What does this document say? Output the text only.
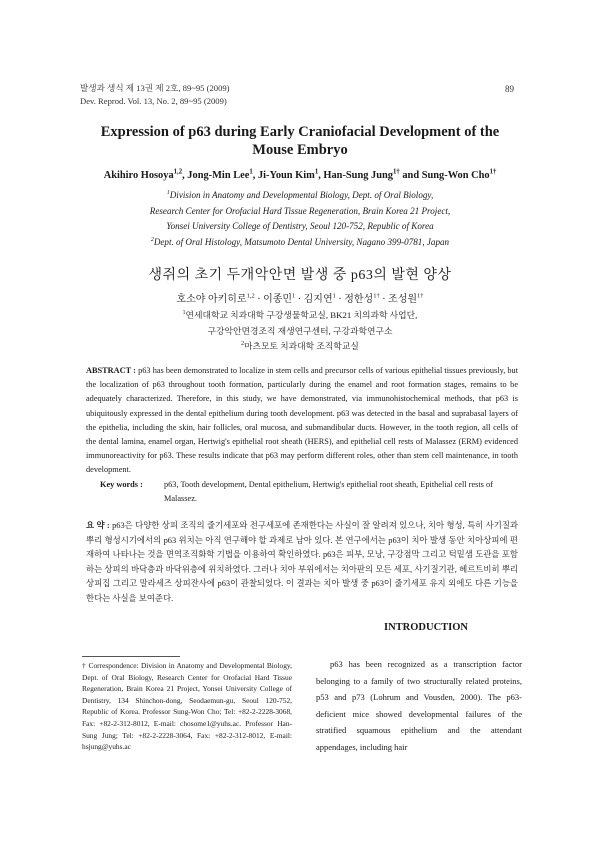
발생과 생식 제 13권 제 2호, 89~95 (2009)
Dev. Reprod. Vol. 13, No. 2, 89~95 (2009)
89
Expression of p63 during Early Craniofacial Development of the
Mouse Embryo
Akihiro Hosoya$^{1,2}$, Jong-Min Lee$^1$, Ji-Youn Kim$^1$, Han-Sung Jung$^{1\dagger}$ and Sung-Won Cho$^{1\dagger}$
$^1$Division in Anatomy and Developmental Biology, Dept. of Oral Biology,
Research Center for Orofacial Hard Tissue Regeneration, Brain Korea 21 Project,
Yonsei University College of Dentistry, Seoul 120-752, Republic of Korea
$^2$Dept. of Oral Histology, Matsumoto Dental University, Nagano 399-0781, Japan
생쥐의 초기 두개악안면 발생 중 p63의 발현 양상
호소야 아키히로$^{1,2}$ · 이종민$^1$ · 김지연$^1$ · 정한성$^{1\dagger}$ · 조성원$^{1\dagger}$
$^1$연세대학교 치과대학 구강생물학교실, BK21 치의과학 사업단,
구강악안면경조직 재생연구센터, 구강과학연구소
$^2$마츠모토 치과대학 조직학교실
ABSTRACT : p63 has been demonstrated to localize in stem cells and precursor cells of various epithelial tissues previously, but the localization of p63 throughout tooth formation, particularly during the enamel and root formation stages, remains to be adequately characterized. Therefore, in this study, we have demonstrated, via immunohistochemical methods, that p63 is ubiquitously expressed in the dental epithelium during tooth development. p63 was detected in the basal and suprabasal layers of the epithelia, including the skin, hair follicles, oral mucosa, and submandibular ducts. However, in the tooth region, all cells of the dental lamina, enamel organ, Hertwig's epithelial root sheath (HERS), and epithelial cell rests of Malassez (ERM) evidenced immunoreactivity for p63. These results indicate that p63 may perform different roles, other than stem cell maintenance, in tooth development.
Key words :	p63, Tooth development, Dental epithelium, Hertwig's epithelial root sheath, Epithelial cell rests of Malassez.
요 약 : p63은 다양한 상피 조직의 줄기세포와 전구세포에 존재한다는 사실이 잘 알려져 있으나, 치아 형성, 특히 사기질과 뿌리 형성시기에서의 p63 위치는 아직 연구해야 할 과제로 남아 있다. 본 연구에서는 p63이 치아 발생 동안 치아상피에 편재하여 나타나는 것을 면역조직화학 기법을 이용하여 확인하였다. p63은 피부, 모낭, 구강점막 그리고 턱밑샘 도관을 포함하는 상피의 바닥층과 바닥위층에 위치하였다. 그러나 치아 부위에서는 치아판의 모든 세포, 사기질기관, 헤르트비히 뿌리상피집 그리고 말라세즈 상피잔사에 p63이 관찰되었다. 이 결과는 치아 발생 중 p63이 줄기세포 유지 외에도 다른 기능을 한다는 사실을 보여준다.
INTRODUCTION
p63 has been recognized as a transcription factor belonging to a family of two structurally related proteins, p53 and p73 (Lohrum and Vousden, 2000). The p63-deficient mice showed developmental failures of the stratified squamous epithelium and the attendant appendages, including hair
† Correspondence: Division in Anatomy and Developmental Biology, Dept. of Oral Biology, Research Center for Orofacial Hard Tissue Regeneration, Brain Korea 21 Project, Yonsei University College of Dentistry, 134 Shinchon-dong, Seodaemun-gu, Seoul 120-752, Republic of Korea. Professor Sung-Won Cho; Tel: +82-2-2228-3068, Fax: +82-2-312-8012, E-mail: chosome1@yuhs.ac. Professor Han-Sung Jung; Tel: +82-2-2228-3064, Fax: +82-2-312-8012, E-mail: hsjung@yuhs.ac
